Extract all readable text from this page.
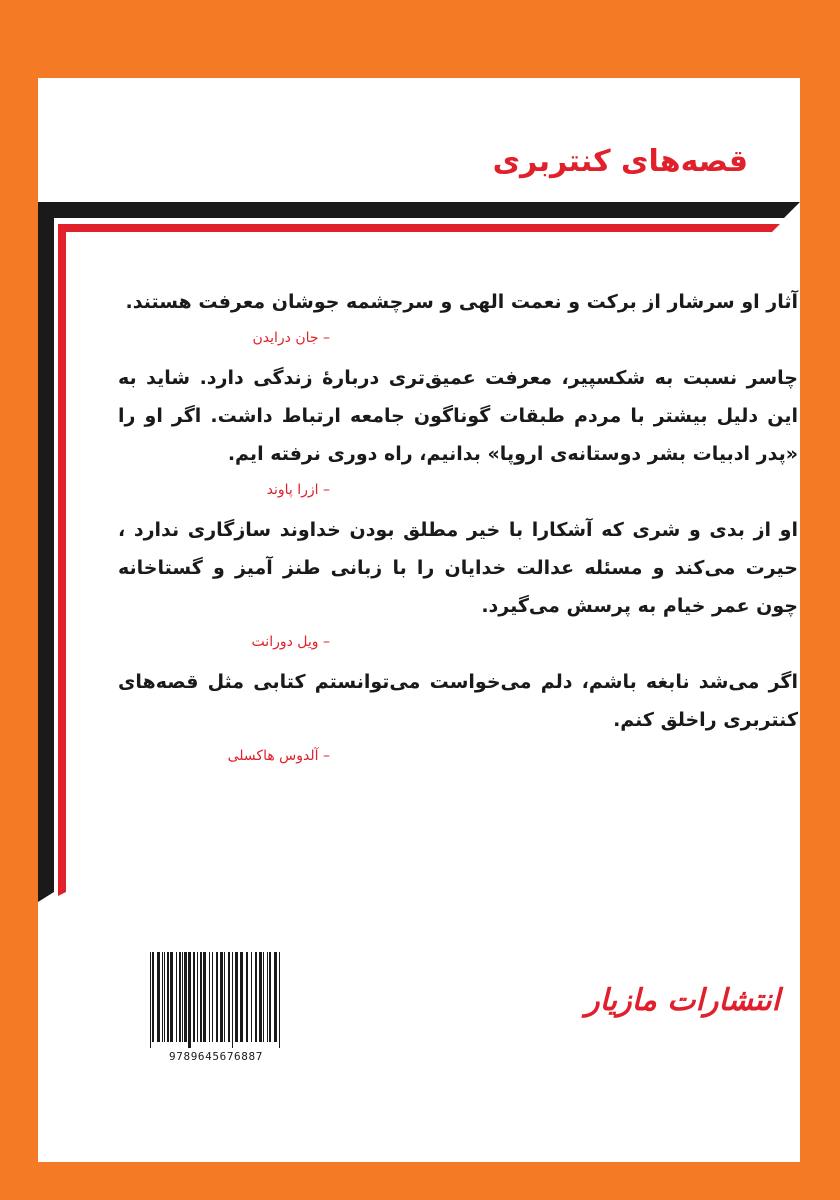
قصه‌های کنتربری

آثار او سرشار از برکت و نعمت الهی و سرچشمه جوشان معرفت هستند.

– جان درایدن

چاسر نسبت به شکسپیر، معرفت عمیق‌تری دربارهٔ زندگی دارد. شاید به این دلیل بیشتر با مردم طبقات گوناگون جامعه ارتباط داشت. اگر او را «پدر ادبیات بشر دوستانه‌ی اروپا» بدانیم، راه دوری نرفته ایم.

– ازرا پاوند

او از بدی و شری که آشکارا با خیر مطلق بودن خداوند سازگاری ندارد ، حیرت می‌کند و مسئله عدالت خدایان را با زبانی طنز آمیز و گستاخانه چون عمر خیام به پرسش می‌گیرد.

– ویل دورانت

اگر می‌شد نابغه باشم، دلم می‌خواست می‌توانستم کتابی مثل قصه‌های کنتربری راخلق کنم.

– آلدوس هاکسلی
9789645676887
انتشارات مازیار
